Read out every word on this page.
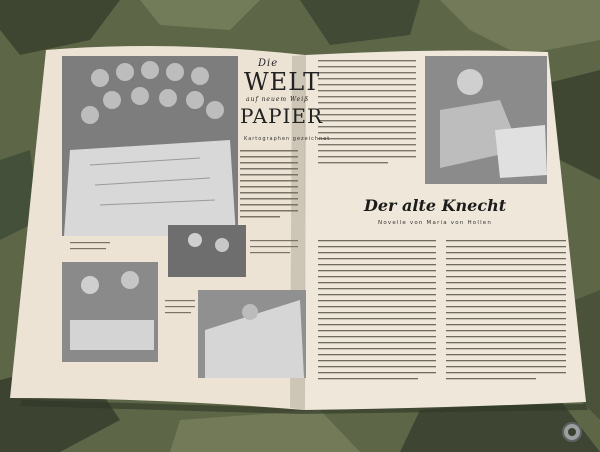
Die
WELT
auf neuem Weiß
PAPIER
Kartographen gezeichnet
Der alte Knecht
Novelle von Maria von Hollen
